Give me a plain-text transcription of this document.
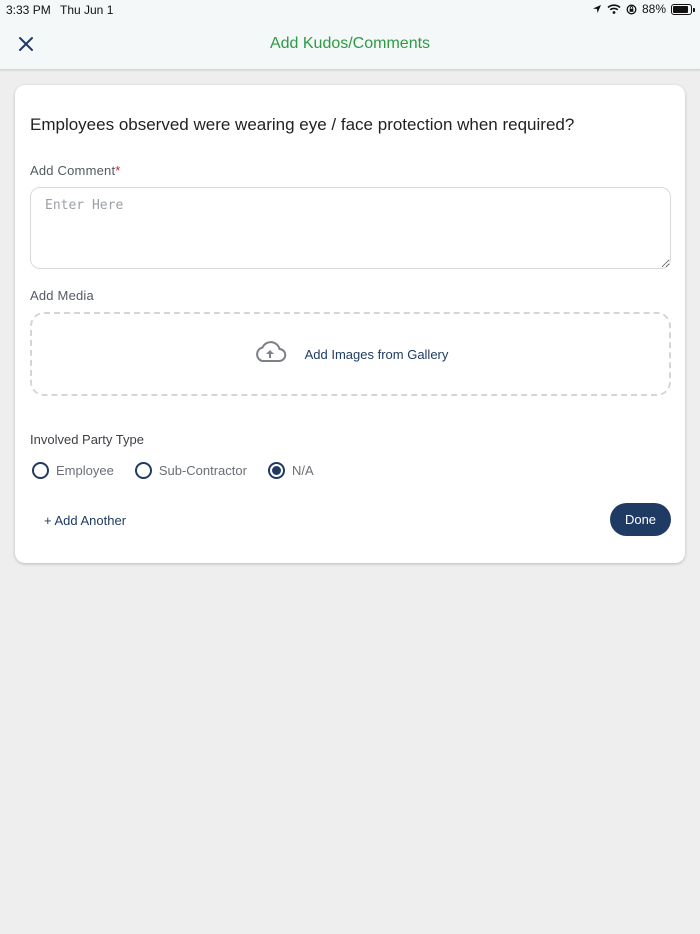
3:33 PM Thu Jun 1	88%
Add Kudos/Comments
Employees observed were wearing eye / face protection when required?
Add Comment*
Enter Here
Add Media
Add Images from Gallery
Involved Party Type
Employee	Sub-Contractor	N/A
+ Add Another	Done
